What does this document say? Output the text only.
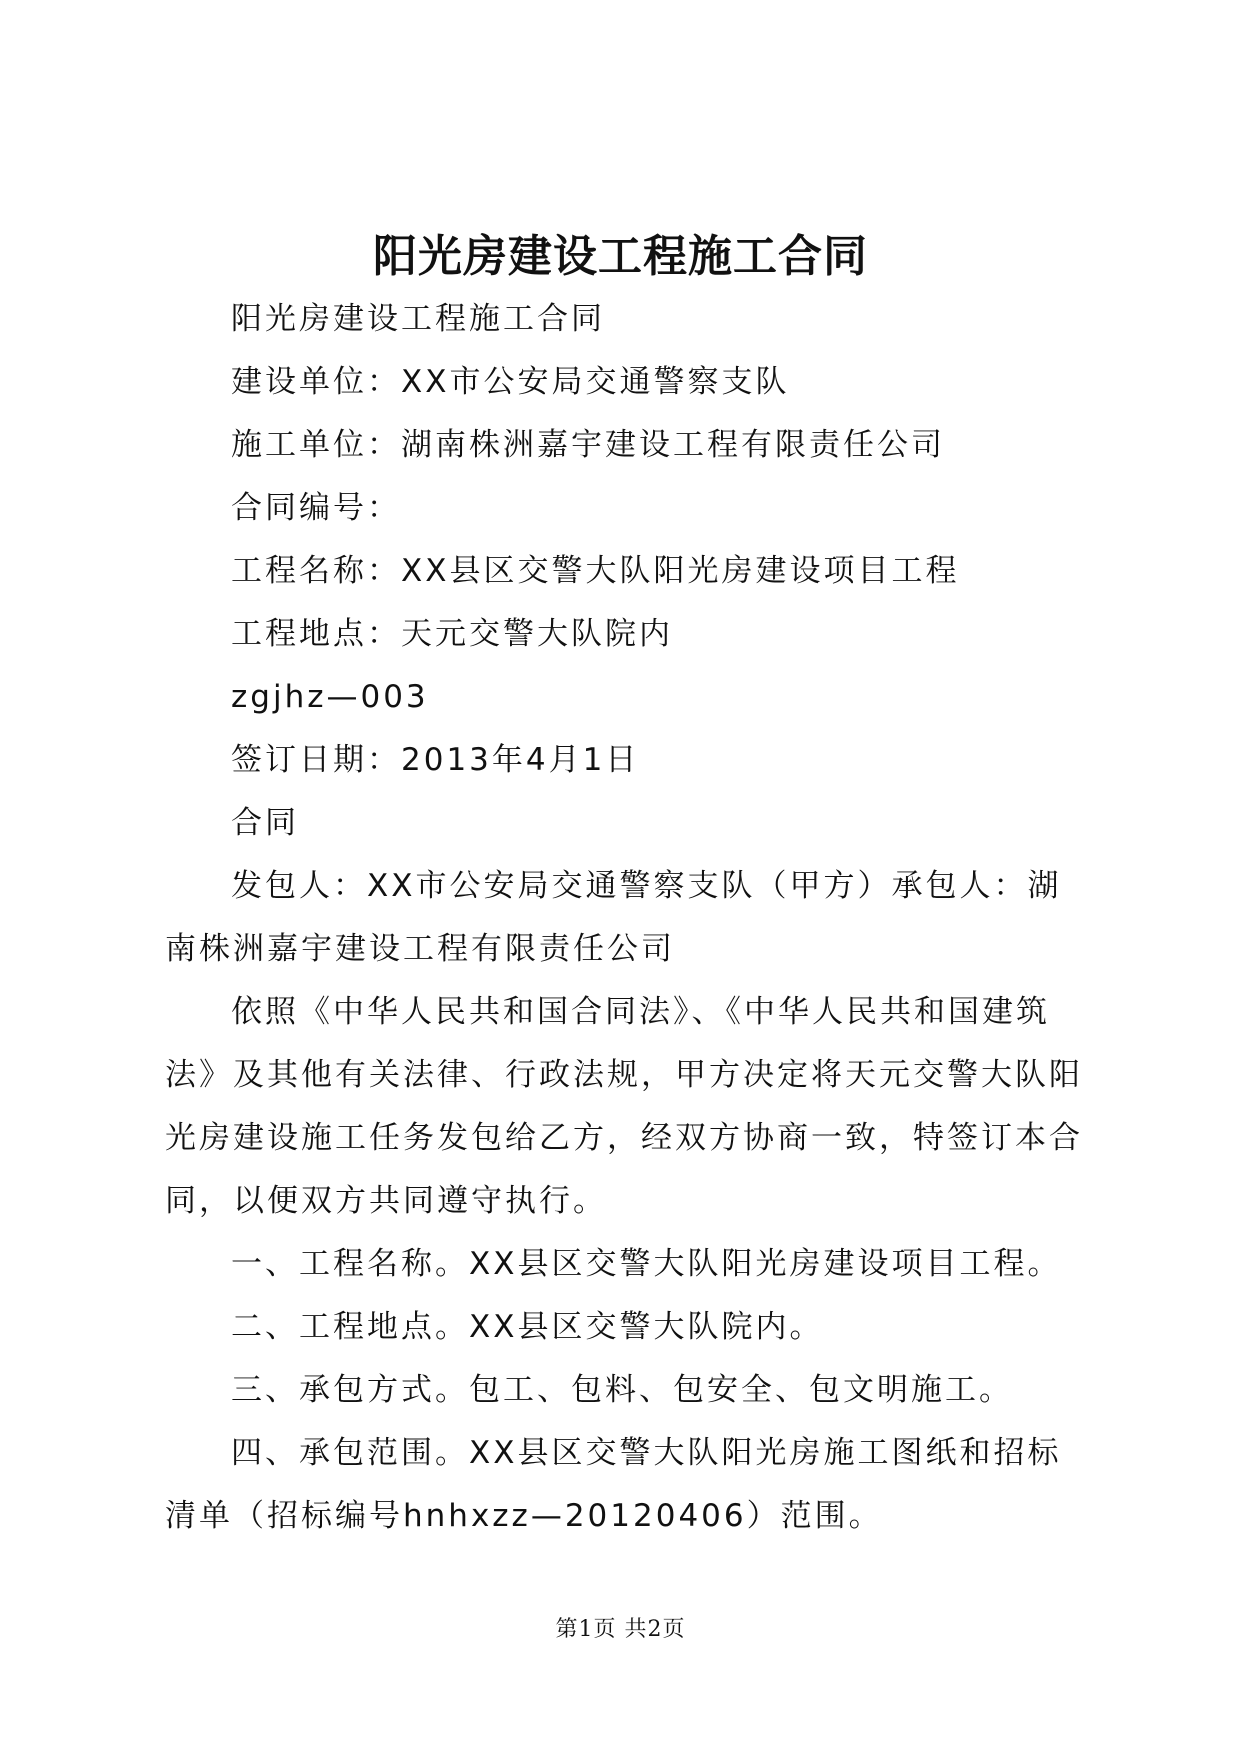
阳光房建设工程施工合同

阳光房建设工程施工合同

建设单位：XX市公安局交通警察支队

施工单位：湖南株洲嘉宇建设工程有限责任公司

合同编号：

工程名称：XX县区交警大队阳光房建设项目工程

工程地点：天元交警大队院内

zgjhz—003

签订日期：2013年4月1日

合同

发包人：XX市公安局交通警察支队（甲方）承包人：湖南株洲嘉宇建设工程有限责任公司

依照《中华人民共和国合同法》、《中华人民共和国建筑法》及其他有关法律、行政法规，甲方决定将天元交警大队阳光房建设施工任务发包给乙方，经双方协商一致，特签订本合同，以便双方共同遵守执行。

一、工程名称。XX县区交警大队阳光房建设项目工程。

二、工程地点。XX县区交警大队院内。

三、承包方式。包工、包料、包安全、包文明施工。

四、承包范围。XX县区交警大队阳光房施工图纸和招标清单（招标编号hnhxzz—20120406）范围。

第1页 共2页
